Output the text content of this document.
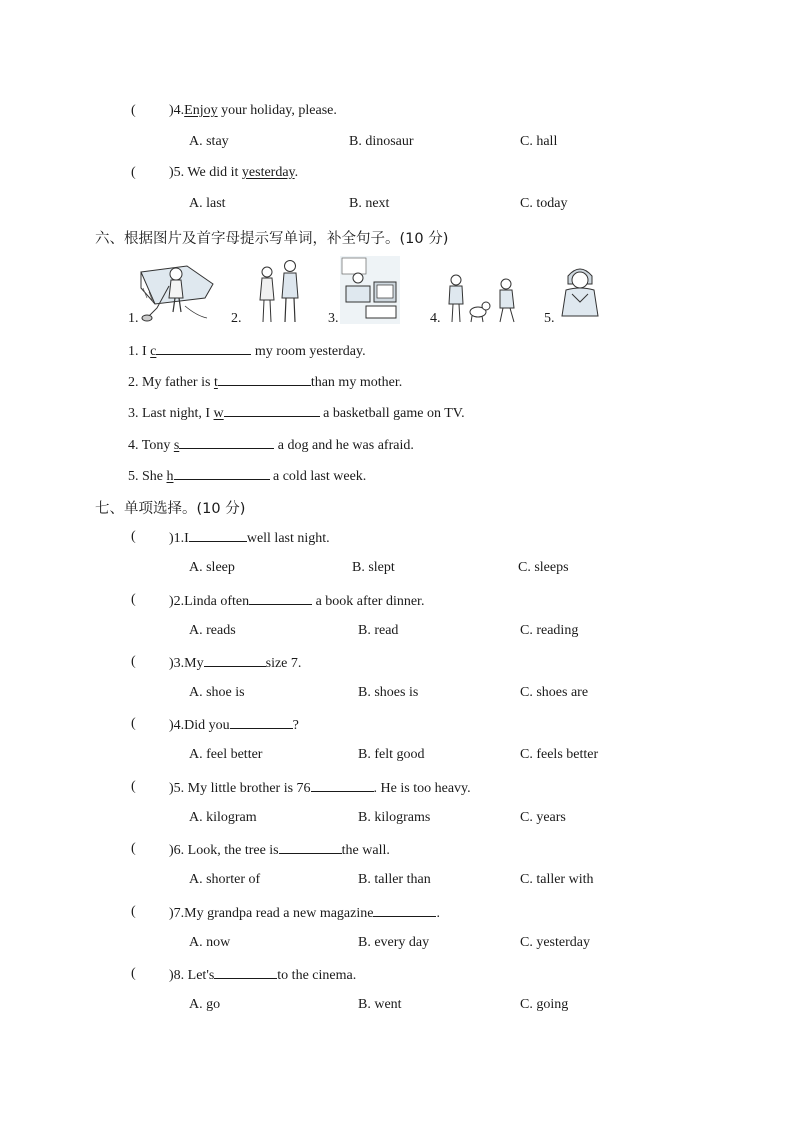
( )4.Enjoy your holiday, please.
A. stay	B. dinosaur	C. hall
( )5. We did it yesterday.
A. last	B. next	C. today
六、根据图片及首字母提示写单词，补全句子。(10 分)
1.	2.	3.	4.	5.
1. I c	my room yesterday.
2. My father is t	than my mother.
3. Last night, I w	a basketball game on TV.
4. Tony s	a dog and he was afraid.
5. She h	a cold last week.
七、单项选择。(10 分)
( )1.I	well last night.
A. sleep	B. slept	C. sleeps
( )2.Linda often	a book after dinner.
A. reads	B. read	C. reading
( )3.My	size 7.
A. shoe is	B. shoes is	C. shoes are
( )4.Did you	?
A. feel better	B. felt good	C. feels better
( )5. My little brother is 76	. He is too heavy.
A. kilogram	B. kilograms	C. years
( )6. Look, the tree is	the wall.
A. shorter of	B. taller than	C. taller with
( )7.My grandpa read a new magazine	.
A. now	B. every day	C. yesterday
( )8. Let's	to the cinema.
A. go	B. went	C. going
